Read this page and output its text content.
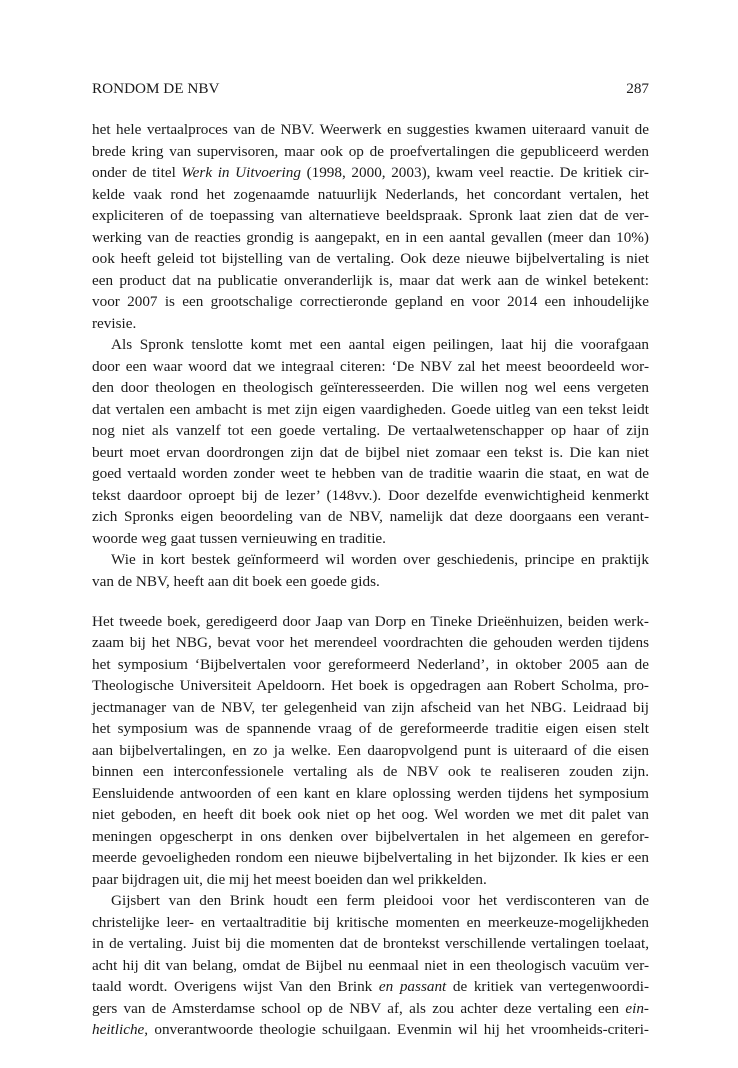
RONDOM DE NBV	287
het hele vertaalproces van de NBV. Weerwerk en suggesties kwamen uiteraard vanuit de
brede kring van supervisoren, maar ook op de proefvertalingen die gepubliceerd werden
onder de titel Werk in Uitvoering (1998, 2000, 2003), kwam veel reactie. De kritiek cir-
kelde vaak rond het zogenaamde natuurlijk Nederlands, het concordant vertalen, het
expliciteren of de toepassing van alternatieve beeldspraak. Spronk laat zien dat de ver-
werking van de reacties grondig is aangepakt, en in een aantal gevallen (meer dan 10%)
ook heeft geleid tot bijstelling van de vertaling. Ook deze nieuwe bijbelvertaling is niet
een product dat na publicatie onveranderlijk is, maar dat werk aan de winkel betekent:
voor 2007 is een grootschalige correctieronde gepland en voor 2014 een inhoudelijke
revisie.
Als Spronk tenslotte komt met een aantal eigen peilingen, laat hij die voorafgaan
door een waar woord dat we integraal citeren: ‘De NBV zal het meest beoordeeld wor-
den door theologen en theologisch geïnteresseerden. Die willen nog wel eens vergeten
dat vertalen een ambacht is met zijn eigen vaardigheden. Goede uitleg van een tekst leidt
nog niet als vanzelf tot een goede vertaling. De vertaalwetenschapper op haar of zijn
beurt moet ervan doordrongen zijn dat de bijbel niet zomaar een tekst is. Die kan niet
goed vertaald worden zonder weet te hebben van de traditie waarin die staat, en wat de
tekst daardoor oproept bij de lezer’ (148vv.). Door dezelfde evenwichtigheid kenmerkt
zich Spronks eigen beoordeling van de NBV, namelijk dat deze doorgaans een verant-
woorde weg gaat tussen vernieuwing en traditie.
Wie in kort bestek geïnformeerd wil worden over geschiedenis, principe en praktijk
van de NBV, heeft aan dit boek een goede gids.
Het tweede boek, geredigeerd door Jaap van Dorp en Tineke Drieënhuizen, beiden werk-
zaam bij het NBG, bevat voor het merendeel voordrachten die gehouden werden tijdens
het symposium ‘Bijbelvertalen voor gereformeerd Nederland’, in oktober 2005 aan de
Theologische Universiteit Apeldoorn. Het boek is opgedragen aan Robert Scholma, pro-
jectmanager van de NBV, ter gelegenheid van zijn afscheid van het NBG. Leidraad bij
het symposium was de spannende vraag of de gereformeerde traditie eigen eisen stelt
aan bijbelvertalingen, en zo ja welke. Een daaropvolgend punt is uiteraard of die eisen
binnen een interconfessionele vertaling als de NBV ook te realiseren zouden zijn.
Eensluidende antwoorden of een kant en klare oplossing werden tijdens het symposium
niet geboden, en heeft dit boek ook niet op het oog. Wel worden we met dit palet van
meningen opgescherpt in ons denken over bijbelvertalen in het algemeen en gerefor-
meerde gevoeligheden rondom een nieuwe bijbelvertaling in het bijzonder. Ik kies er een
paar bijdragen uit, die mij het meest boeiden dan wel prikkelden.
Gijsbert van den Brink houdt een ferm pleidooi voor het verdisconteren van de
christelijke leer- en vertaaltraditie bij kritische momenten en meerkeuze-mogelijkheden
in de vertaling. Juist bij die momenten dat de brontekst verschillende vertalingen toelaat,
acht hij dit van belang, omdat de Bijbel nu eenmaal niet in een theologisch vacuüm ver-
taald wordt. Overigens wijst Van den Brink en passant de kritiek van vertegenwoordi-
gers van de Amsterdamse school op de NBV af, als zou achter deze vertaling een ein-
heitliche, onverantwoorde theologie schuilgaan. Evenmin wil hij het vroomheids-criteri-
